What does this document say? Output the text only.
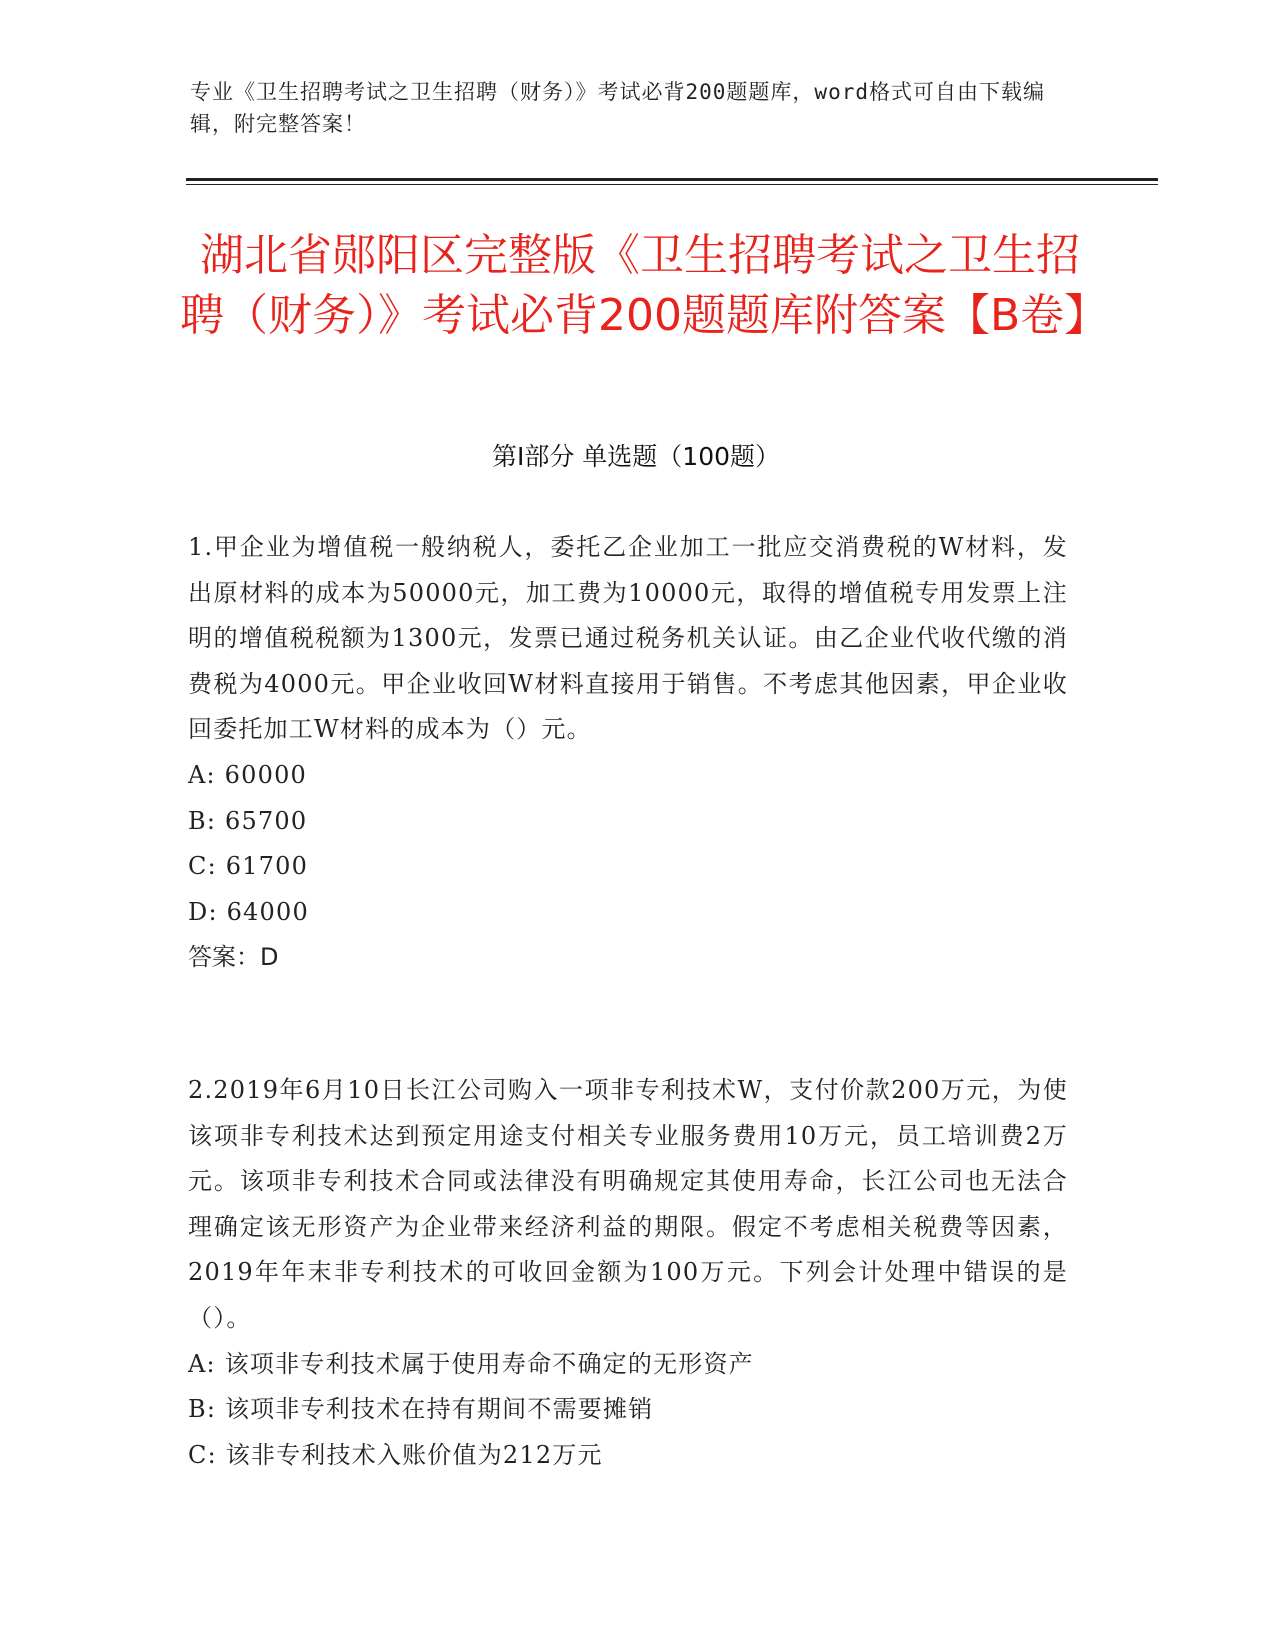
专业《卫生招聘考试之卫生招聘（财务）》考试必背200题题库，word格式可自由下载编辑，附完整答案！
湖北省郧阳区完整版《卫生招聘考试之卫生招聘（财务）》考试必背200题题库附答案【B卷】
第I部分 单选题（100题）
1.甲企业为增值税一般纳税人，委托乙企业加工一批应交消费税的W材料，发出原材料的成本为50000元，加工费为10000元，取得的增值税专用发票上注明的增值税税额为1300元，发票已通过税务机关认证。由乙企业代收代缴的消费税为4000元。甲企业收回W材料直接用于销售。不考虑其他因素，甲企业收回委托加工W材料的成本为（）元。
A: 60000
B: 65700
C: 61700
D: 64000
答案：D
2.2019年6月10日长江公司购入一项非专利技术W，支付价款200万元，为使该项非专利技术达到预定用途支付相关专业服务费用10万元，员工培训费2万元。该项非专利技术合同或法律没有明确规定其使用寿命，长江公司也无法合理确定该无形资产为企业带来经济利益的期限。假定不考虑相关税费等因素，2019年年末非专利技术的可收回金额为100万元。下列会计处理中错误的是（）。
A: 该项非专利技术属于使用寿命不确定的无形资产
B: 该项非专利技术在持有期间不需要摊销
C: 该非专利技术入账价值为212万元
